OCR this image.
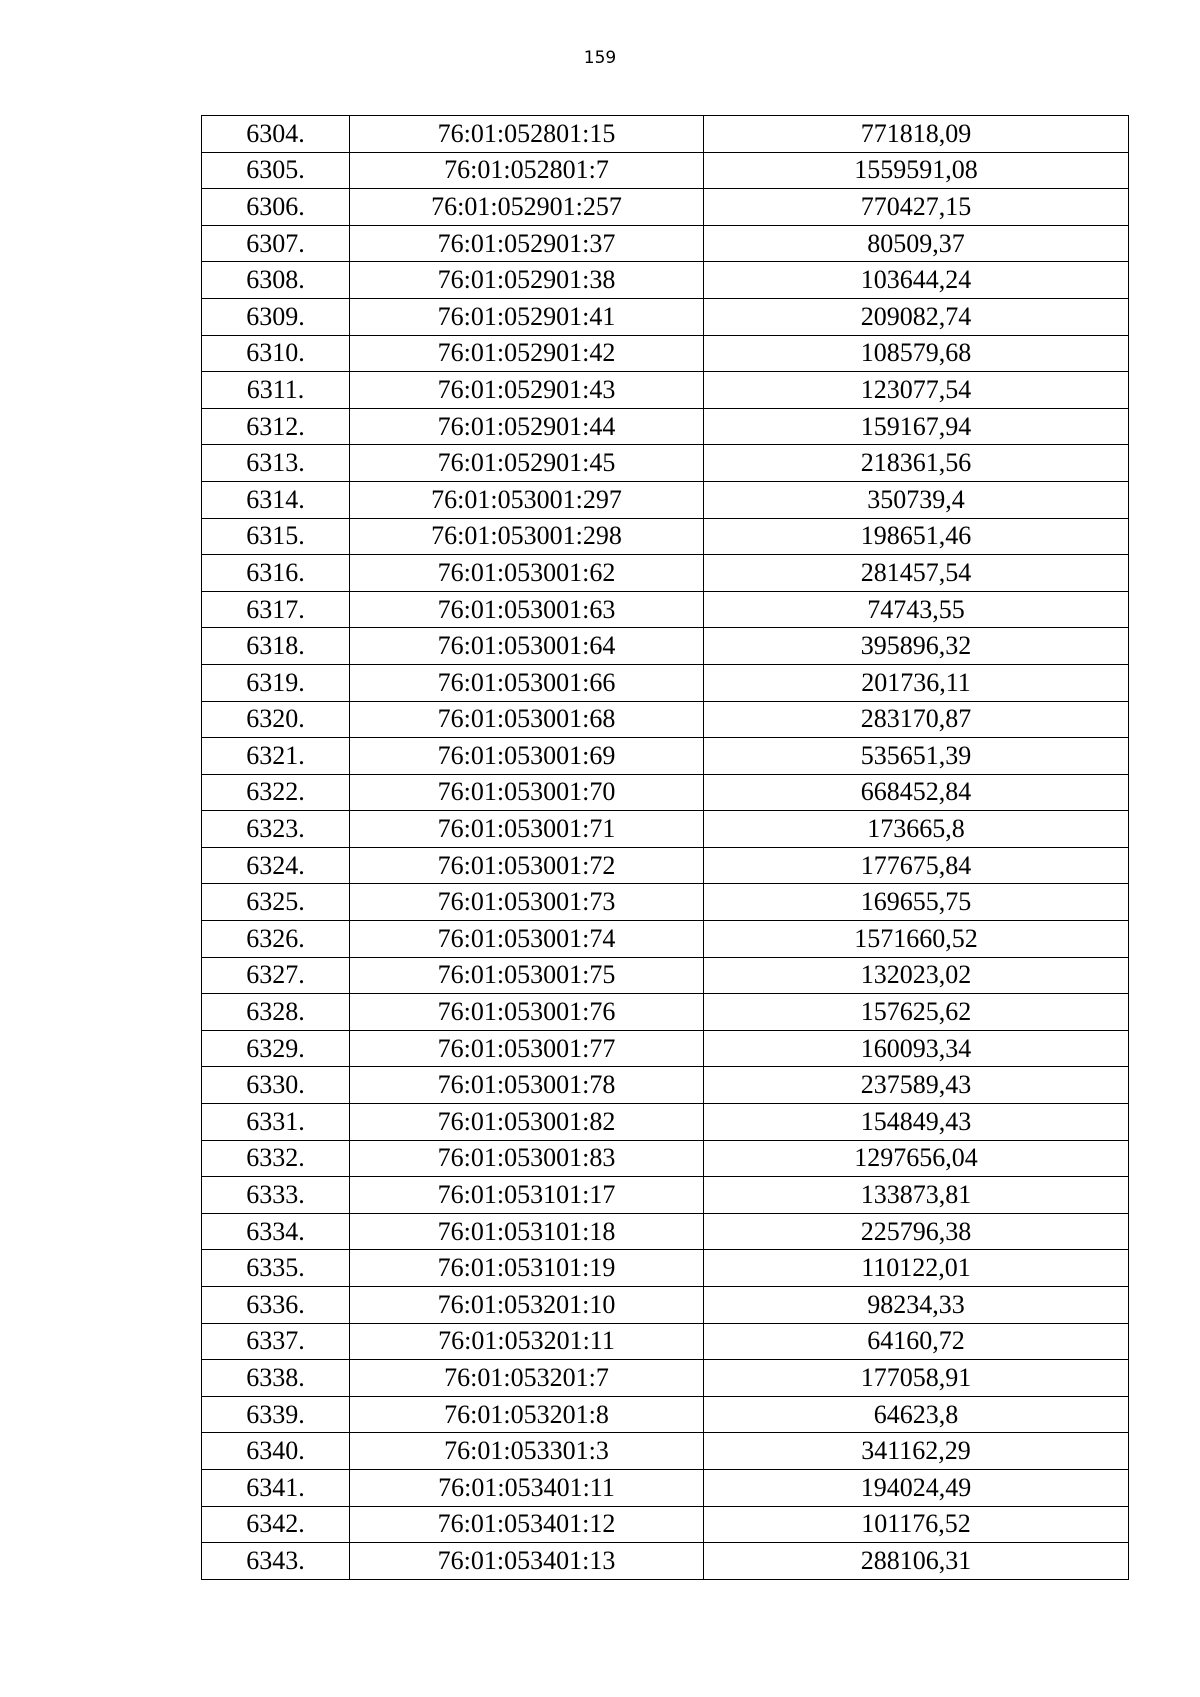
159
6304.	76:01:052801:15	771818,09
6305.	76:01:052801:7	1559591,08
6306.	76:01:052901:257	770427,15
6307.	76:01:052901:37	80509,37
6308.	76:01:052901:38	103644,24
6309.	76:01:052901:41	209082,74
6310.	76:01:052901:42	108579,68
6311.	76:01:052901:43	123077,54
6312.	76:01:052901:44	159167,94
6313.	76:01:052901:45	218361,56
6314.	76:01:053001:297	350739,4
6315.	76:01:053001:298	198651,46
6316.	76:01:053001:62	281457,54
6317.	76:01:053001:63	74743,55
6318.	76:01:053001:64	395896,32
6319.	76:01:053001:66	201736,11
6320.	76:01:053001:68	283170,87
6321.	76:01:053001:69	535651,39
6322.	76:01:053001:70	668452,84
6323.	76:01:053001:71	173665,8
6324.	76:01:053001:72	177675,84
6325.	76:01:053001:73	169655,75
6326.	76:01:053001:74	1571660,52
6327.	76:01:053001:75	132023,02
6328.	76:01:053001:76	157625,62
6329.	76:01:053001:77	160093,34
6330.	76:01:053001:78	237589,43
6331.	76:01:053001:82	154849,43
6332.	76:01:053001:83	1297656,04
6333.	76:01:053101:17	133873,81
6334.	76:01:053101:18	225796,38
6335.	76:01:053101:19	110122,01
6336.	76:01:053201:10	98234,33
6337.	76:01:053201:11	64160,72
6338.	76:01:053201:7	177058,91
6339.	76:01:053201:8	64623,8
6340.	76:01:053301:3	341162,29
6341.	76:01:053401:11	194024,49
6342.	76:01:053401:12	101176,52
6343.	76:01:053401:13	288106,31
